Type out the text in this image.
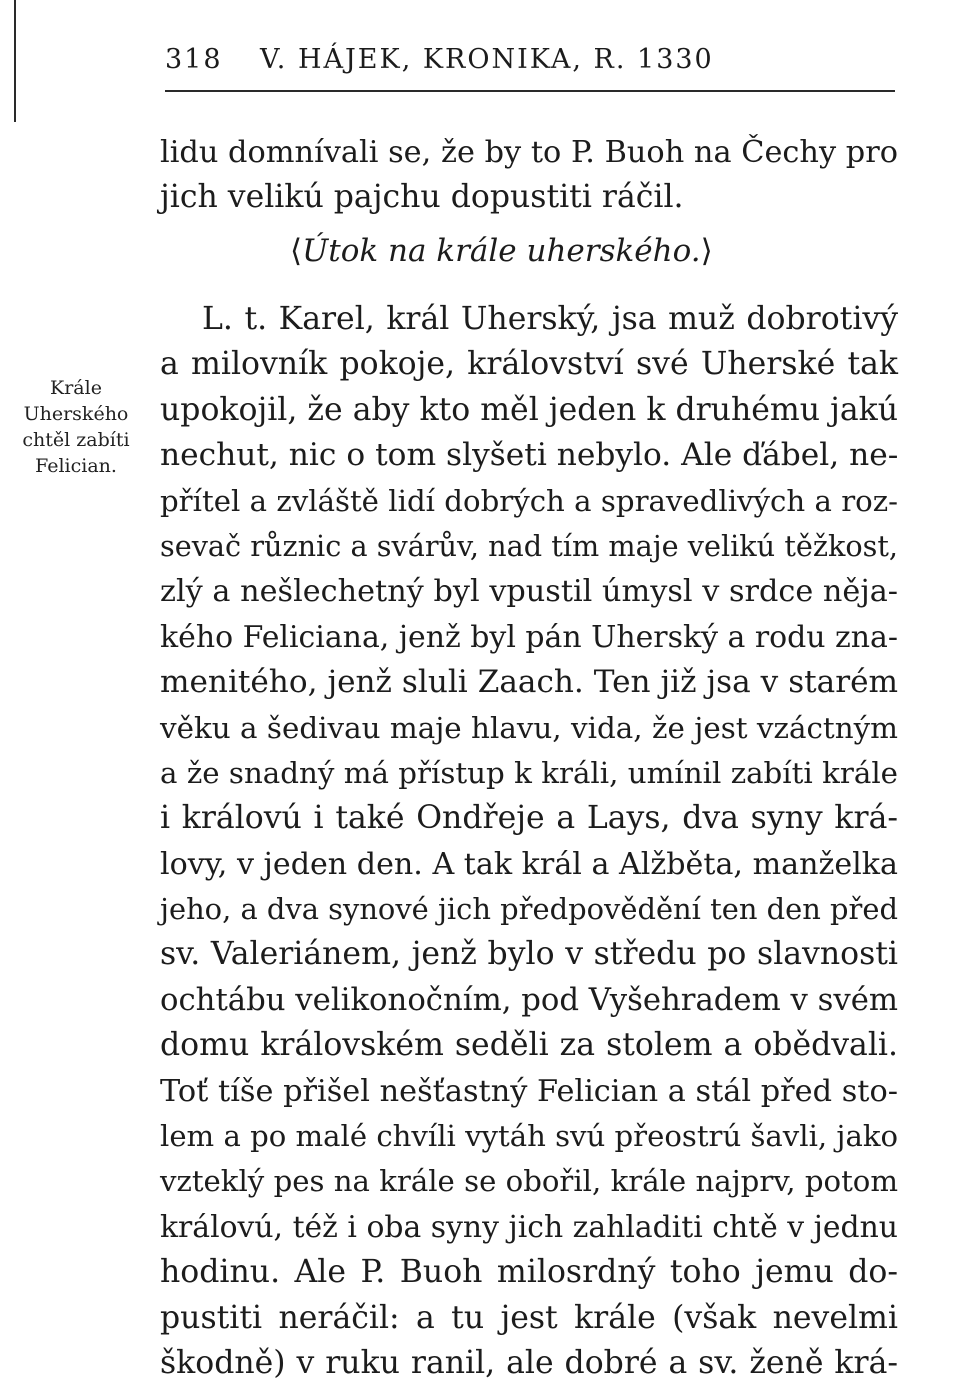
318 V. HÁJEK, KRONIKA, R. 1330
lidu domnívali se, že by to P. Buoh na Čechy pro
jich velikú pajchu dopustiti ráčil.
⟨Útok na krále uherského.⟩
Krále
Uherského
chtěl zabíti
Felician.
L. t. Karel, král Uherský, jsa muž dobrotivý
a milovník pokoje, království své Uherské tak
upokojil, že aby kto měl jeden k druhému jakú
nechut, nic o tom slyšeti nebylo. Ale ďábel, ne-
přítel a zvláště lidí dobrých a spravedlivých a roz-
sevač různic a svárův, nad tím maje velikú těžkost,
zlý a nešlechetný byl vpustil úmysl v srdce něja-
kého Feliciana, jenž byl pán Uherský a rodu zna-
menitého, jenž sluli Zaach. Ten již jsa v starém
věku a šedivau maje hlavu, vida, že jest vzáctným
a že snadný má přístup k králi, umínil zabíti krále
i královú i také Ondřeje a Lays, dva syny krá-
lovy, v jeden den. A tak král a Alžběta, manželka
jeho, a dva synové jich předpovědění ten den před
sv. Valeriánem, jenž bylo v středu po slavnosti
ochtábu velikonočním, pod Vyšehradem v svém
domu královském seděli za stolem a obědvali.
Toť tíše přišel nešťastný Felician a stál před sto-
lem a po malé chvíli vytáh svú přeostrú šavli, jako
vzteklý pes na krále se obořil, krále najprv, potom
královú, též i oba syny jich zahladiti chtě v jednu
hodinu. Ale P. Buoh milosrdný toho jemu do-
pustiti neráčil: a tu jest krále (však nevelmi
škodně) v ruku ranil, ale dobré a sv. ženě krá-
